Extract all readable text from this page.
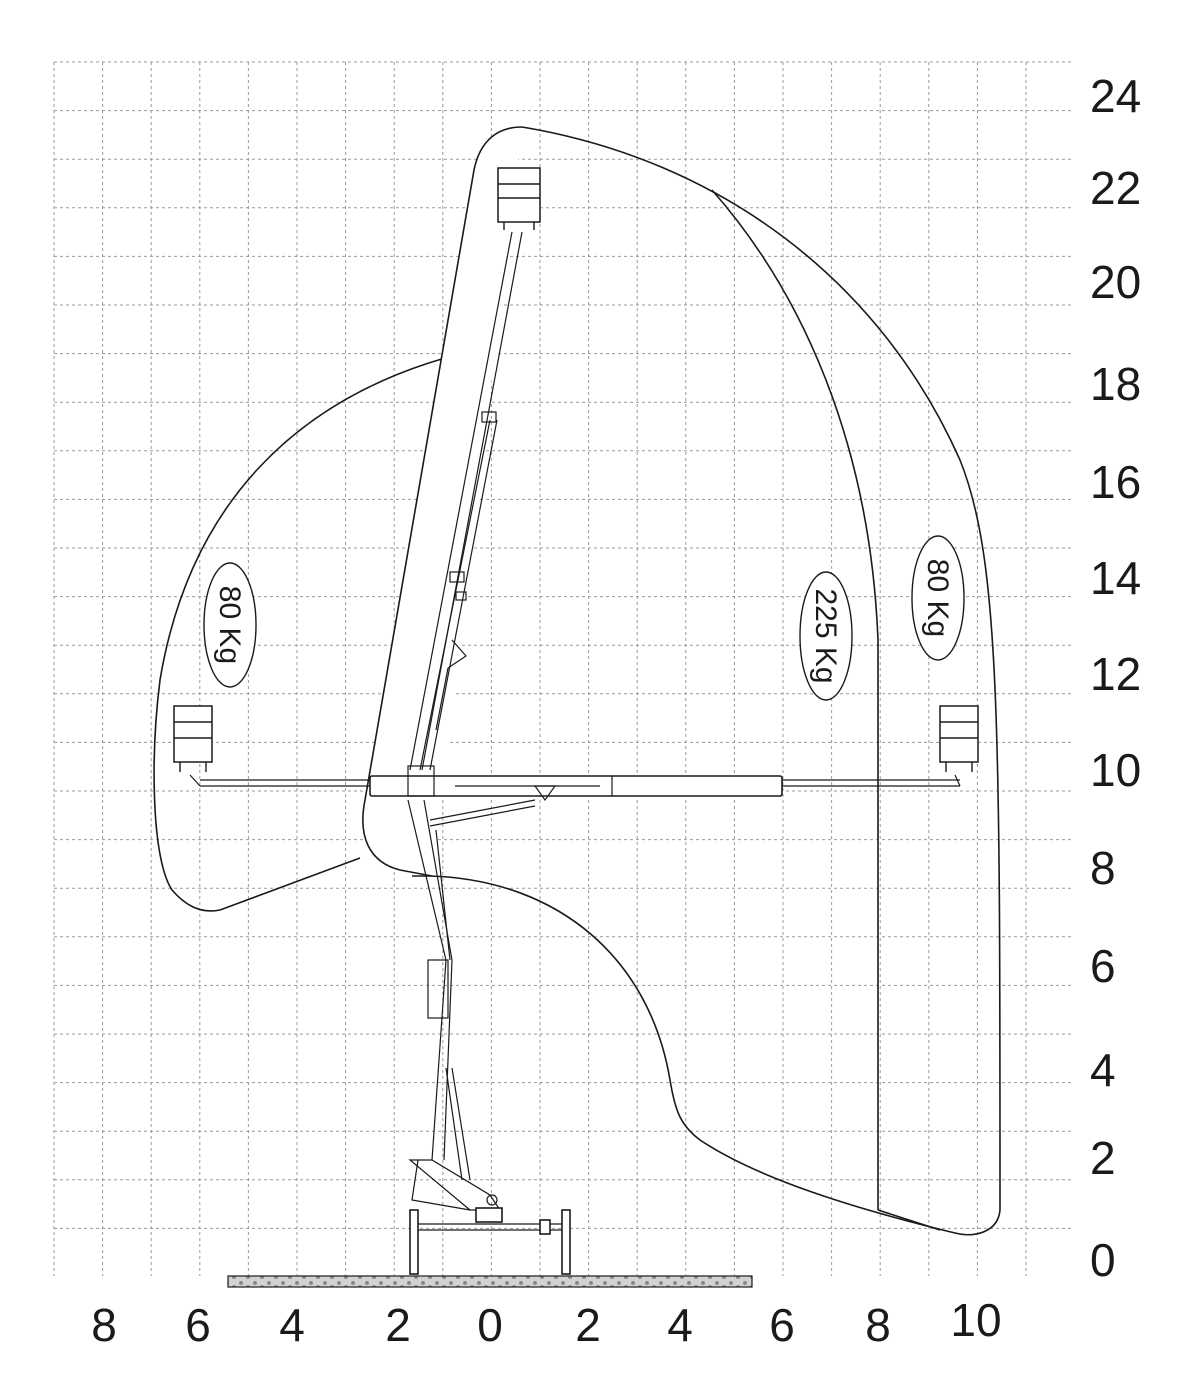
80 Kg	225 Kg	80 Kg
8 6 4 2 0 2 4 6 8 10
0
2
4
6
8
10
12
14
16
18
20
22
24
